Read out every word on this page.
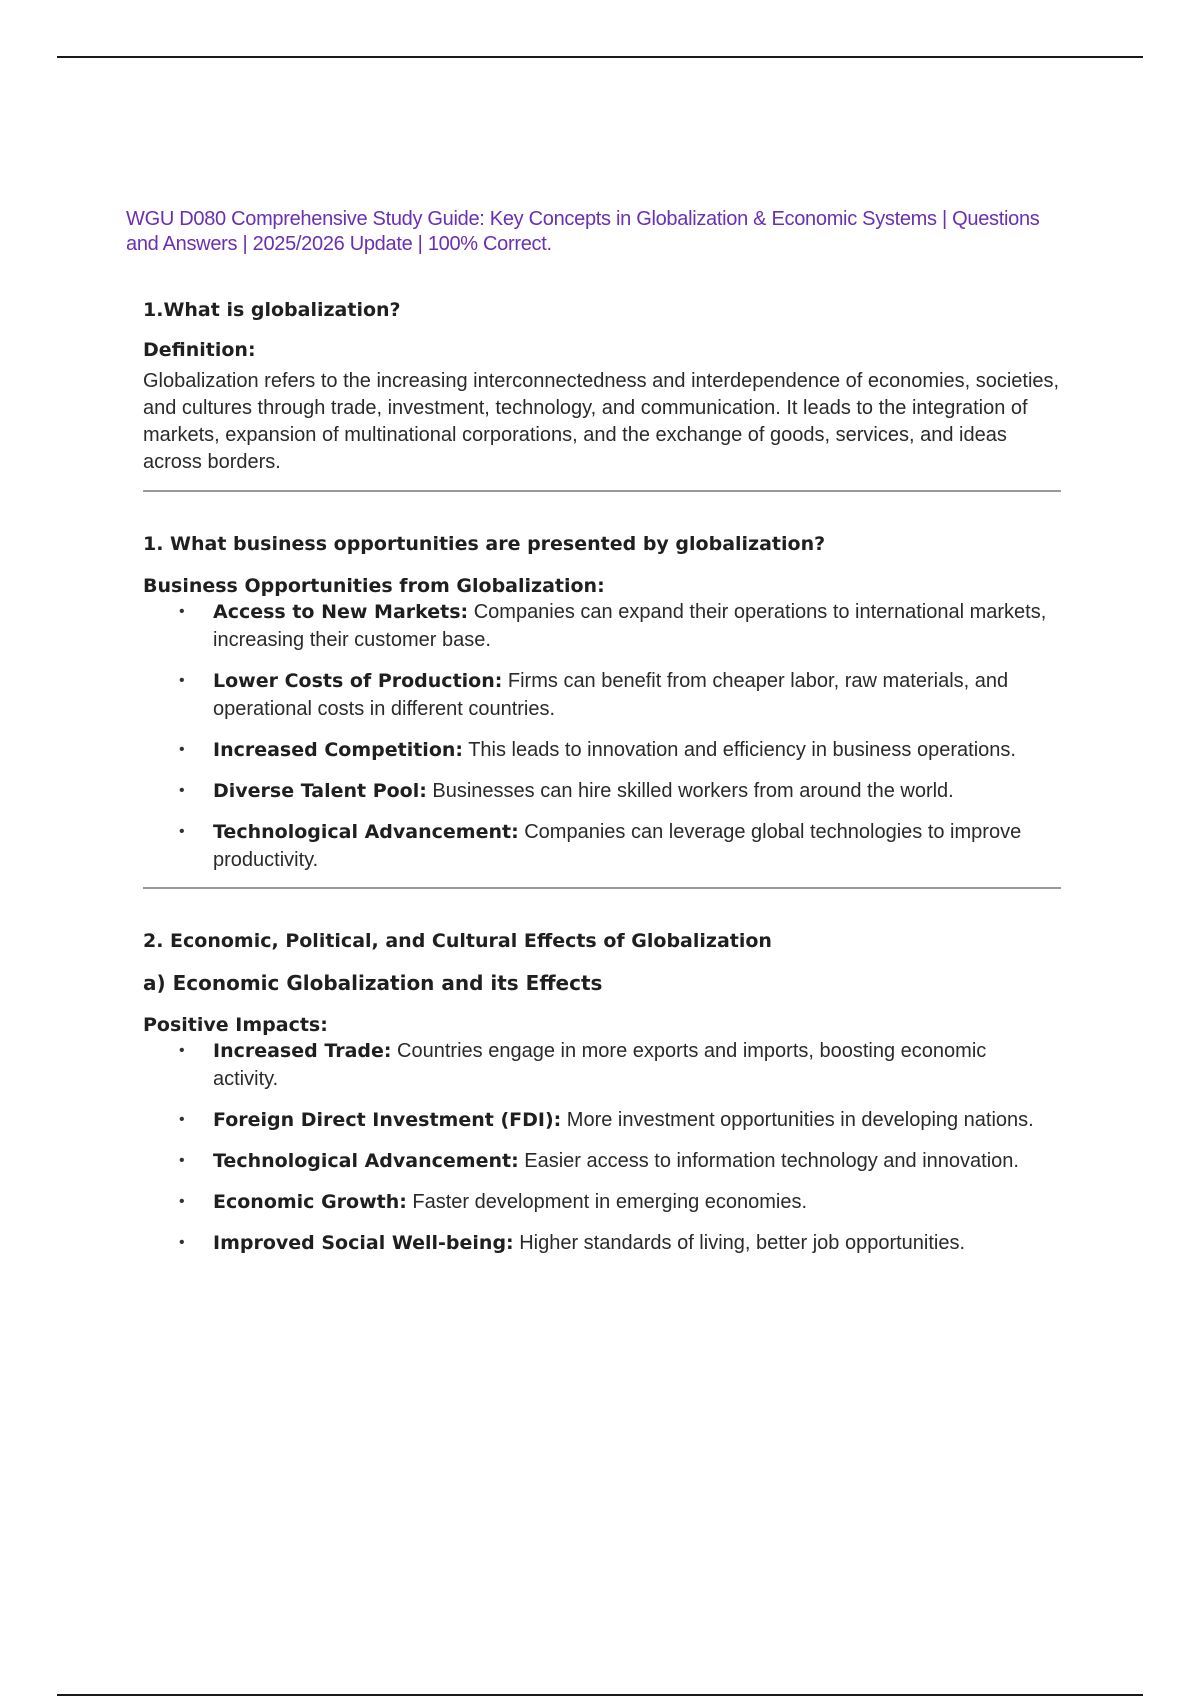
WGU D080 Comprehensive Study Guide: Key Concepts in Globalization & Economic Systems | Questions and Answers | 2025/2026 Update | 100% Correct.

1.What is globalization?

Definition:

Globalization refers to the increasing interconnectedness and interdependence of economies, societies, and cultures through trade, investment, technology, and communication. It leads to the integration of markets, expansion of multinational corporations, and the exchange of goods, services, and ideas across borders.

1. What business opportunities are presented by globalization?

Business Opportunities from Globalization:

• Access to New Markets: Companies can expand their operations to international markets, increasing their customer base.
• Lower Costs of Production: Firms can benefit from cheaper labor, raw materials, and operational costs in different countries.
• Increased Competition: This leads to innovation and efficiency in business operations.
• Diverse Talent Pool: Businesses can hire skilled workers from around the world.
• Technological Advancement: Companies can leverage global technologies to improve productivity.

2. Economic, Political, and Cultural Effects of Globalization

a) Economic Globalization and its Effects

Positive Impacts:

• Increased Trade: Countries engage in more exports and imports, boosting economic activity.
• Foreign Direct Investment (FDI): More investment opportunities in developing nations.
• Technological Advancement: Easier access to information technology and innovation.
• Economic Growth: Faster development in emerging economies.
• Improved Social Well-being: Higher standards of living, better job opportunities.
